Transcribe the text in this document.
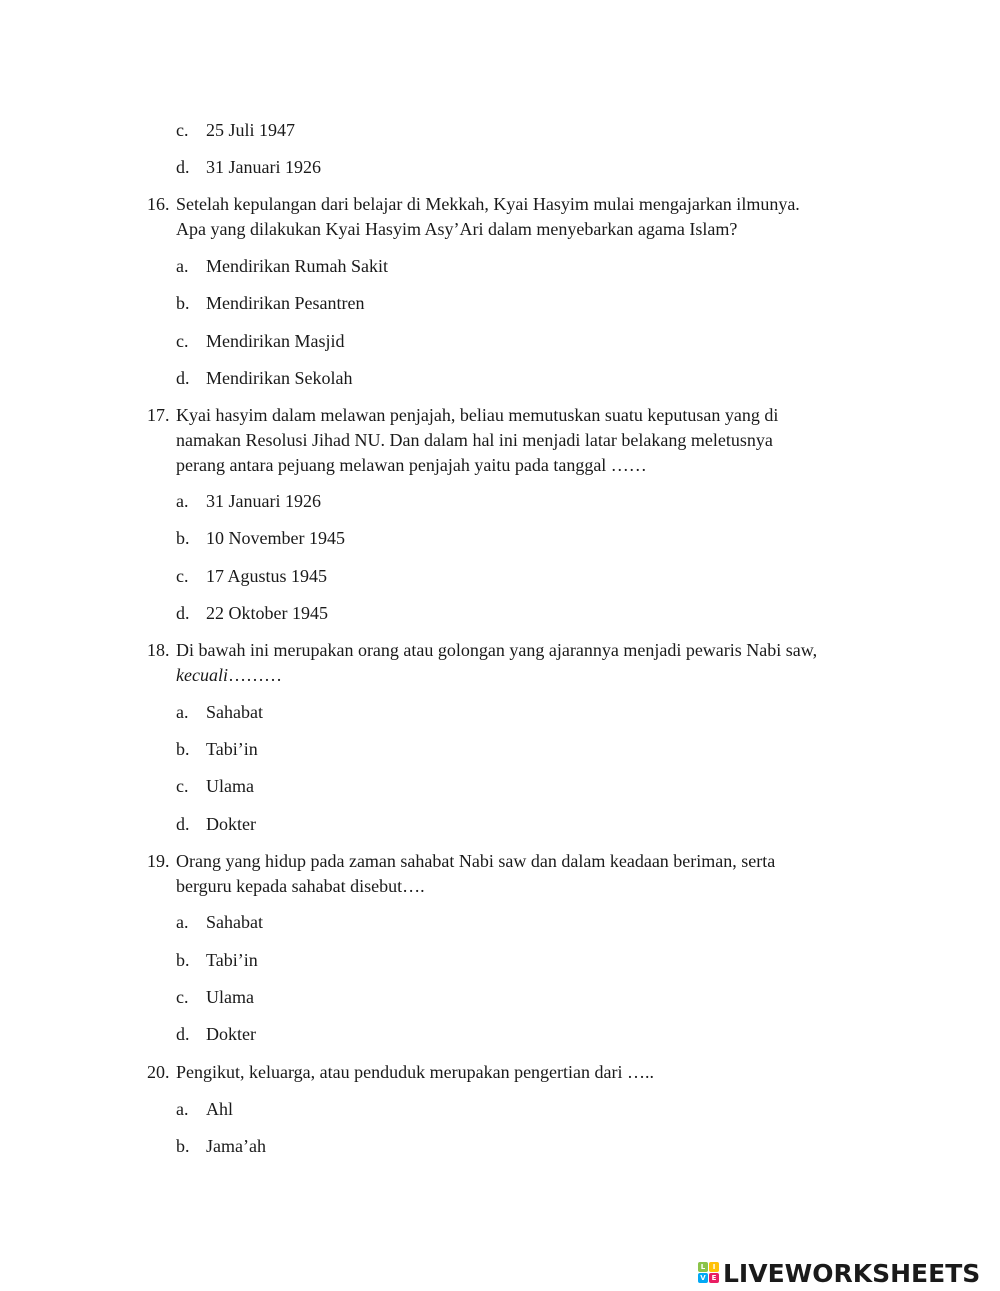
c. 25 Juli 1947
d. 31 Januari 1926
16. Setelah kepulangan dari belajar di Mekkah, Kyai Hasyim mulai mengajarkan ilmunya.
Apa yang dilakukan Kyai Hasyim Asy’Ari dalam menyebarkan agama Islam?
a. Mendirikan Rumah Sakit
b. Mendirikan Pesantren
c. Mendirikan Masjid
d. Mendirikan Sekolah
17. Kyai hasyim dalam melawan penjajah, beliau memutuskan suatu keputusan yang di
namakan Resolusi Jihad NU. Dan dalam hal ini menjadi latar belakang meletusnya
perang antara pejuang melawan penjajah yaitu pada tanggal ……
a. 31 Januari 1926
b. 10 November 1945
c. 17 Agustus 1945
d. 22 Oktober 1945
18. Di bawah ini merupakan orang atau golongan yang ajarannya menjadi pewaris Nabi saw,
kecuali………
a. Sahabat
b. Tabi’in
c. Ulama
d. Dokter
19. Orang yang hidup pada zaman sahabat Nabi saw dan dalam keadaan beriman, serta
berguru kepada sahabat disebut….
a. Sahabat
b. Tabi’in
c. Ulama
d. Dokter
20. Pengikut, keluarga, atau penduduk merupakan pengertian dari …..
a. Ahl
b. Jama’ah
L	I
V E LIVEWORKSHEETS
